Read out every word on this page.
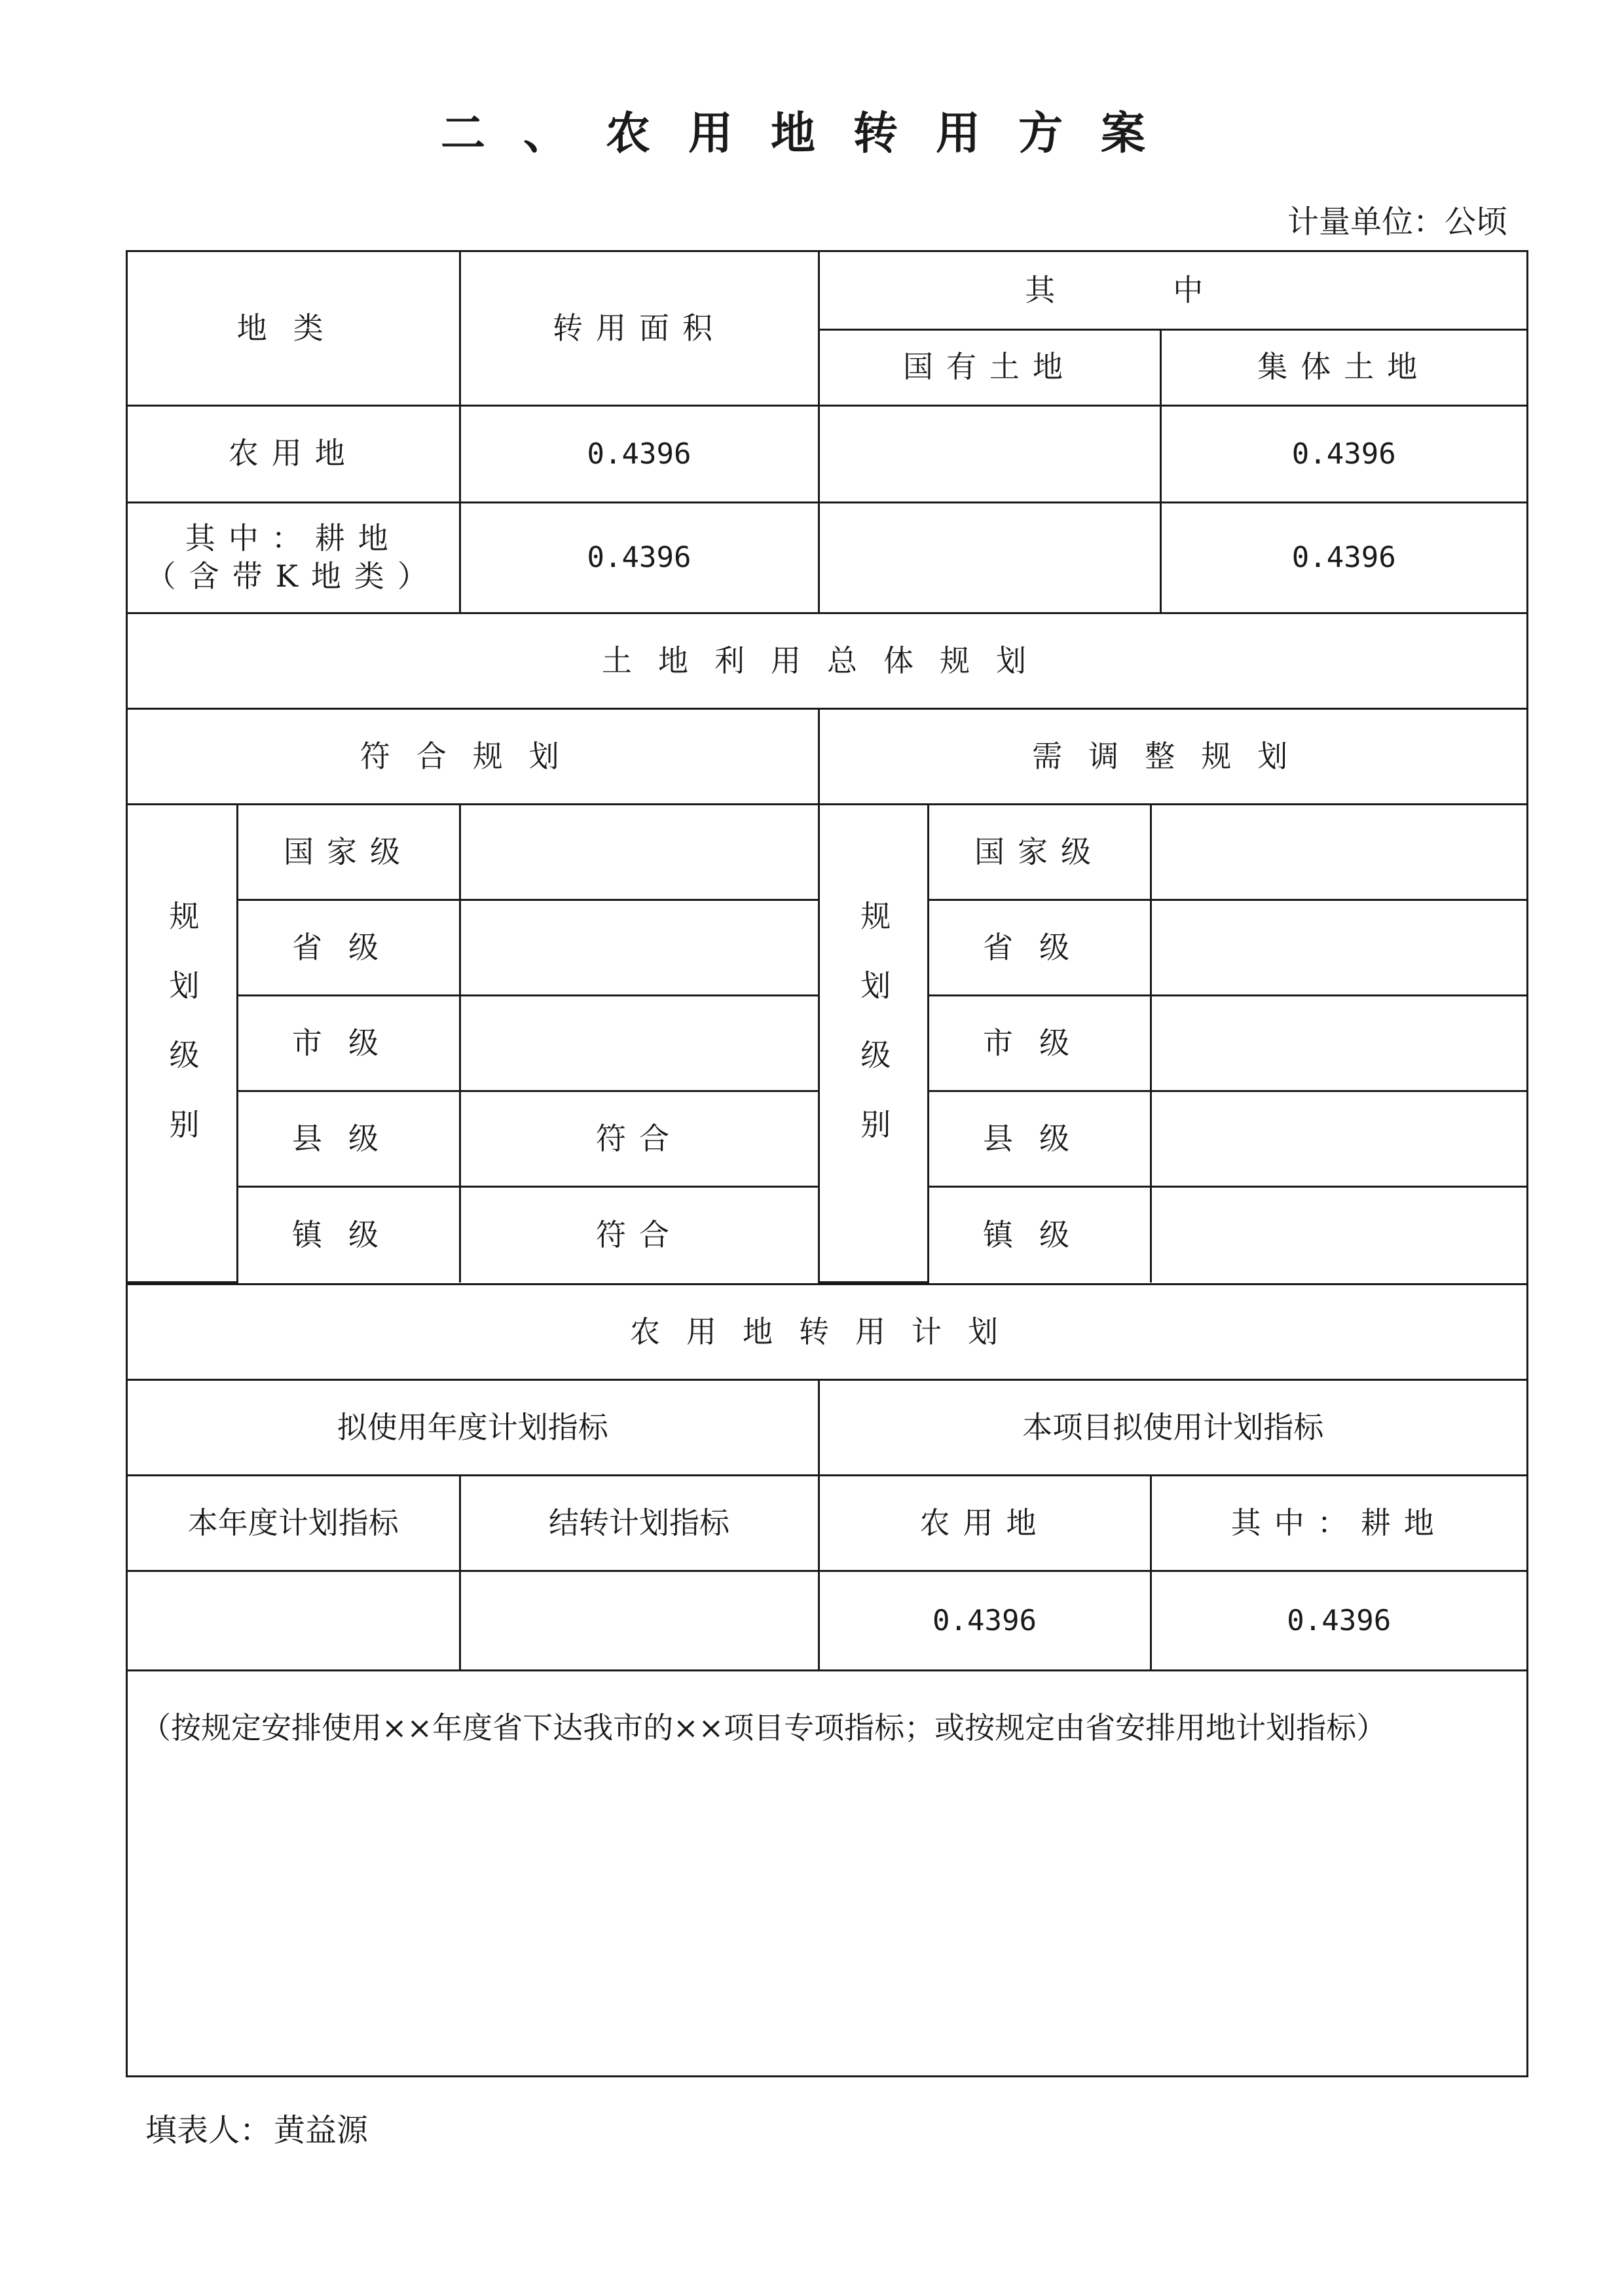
二、农用地转用方案
计量单位：公顷
地类	转用面积	其中	
		国有土地	集体土地
农用地	0.4396		0.4396

其中：耕地
（含带K地类）	0.4396		0.4396
土地利用总体规划					
符合规划			需调整规划		
规划级别	国家级		规划级别	国家级	
	省级			省级	
	市级			市级	
	县级	符合		县级	
	镇级	符合		镇级	
农用地转用计划			
拟使用年度计划指标		本项目拟使用计划指标	
本年度计划指标	结转计划指标	农用地	其中：耕地
		0.4396	0.4396
（按规定安排使用××年度省下达我市的××项目专项指标；或按规定由省安排用地计划指标）			
填表人：黄益源
